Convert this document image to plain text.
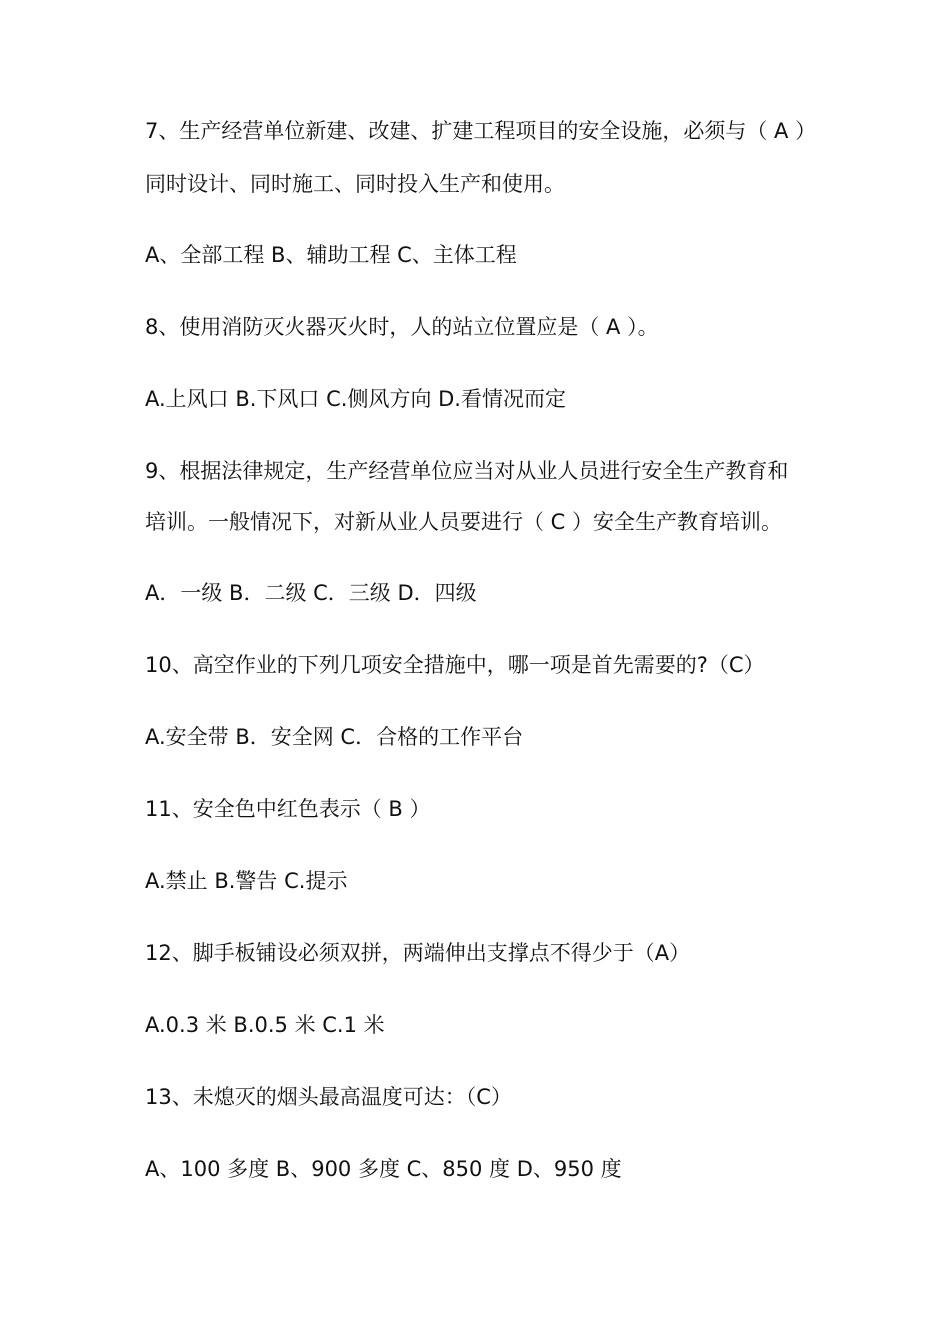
7、生产经营单位新建、改建、扩建工程项目的安全设施，必须与（ A ）
同时设计、同时施工、同时投入生产和使用。
A、全部工程 B、辅助工程 C、主体工程
8、使用消防灭火器灭火时，人的站立位置应是（ A ）。
A.上风口 B.下风口 C.侧风方向 D.看情况而定
9、根据法律规定，生产经营单位应当对从业人员进行安全生产教育和
培训。一般情况下，对新从业人员要进行（ C ）安全生产教育培训。
A．一级 B．二级 C．三级 D．四级
10、高空作业的下列几项安全措施中，哪一项是首先需要的?（C）
A.安全带 B．安全网 C．合格的工作平台
11、安全色中红色表示（ B ）
A.禁止 B.警告 C.提示
12、脚手板铺设必须双拼，两端伸出支撑点不得少于（A）
A.0.3 米 B.0.5 米 C.1 米
13、未熄灭的烟头最高温度可达：（C）
A、100 多度 B、900 多度 C、850 度 D、950 度
